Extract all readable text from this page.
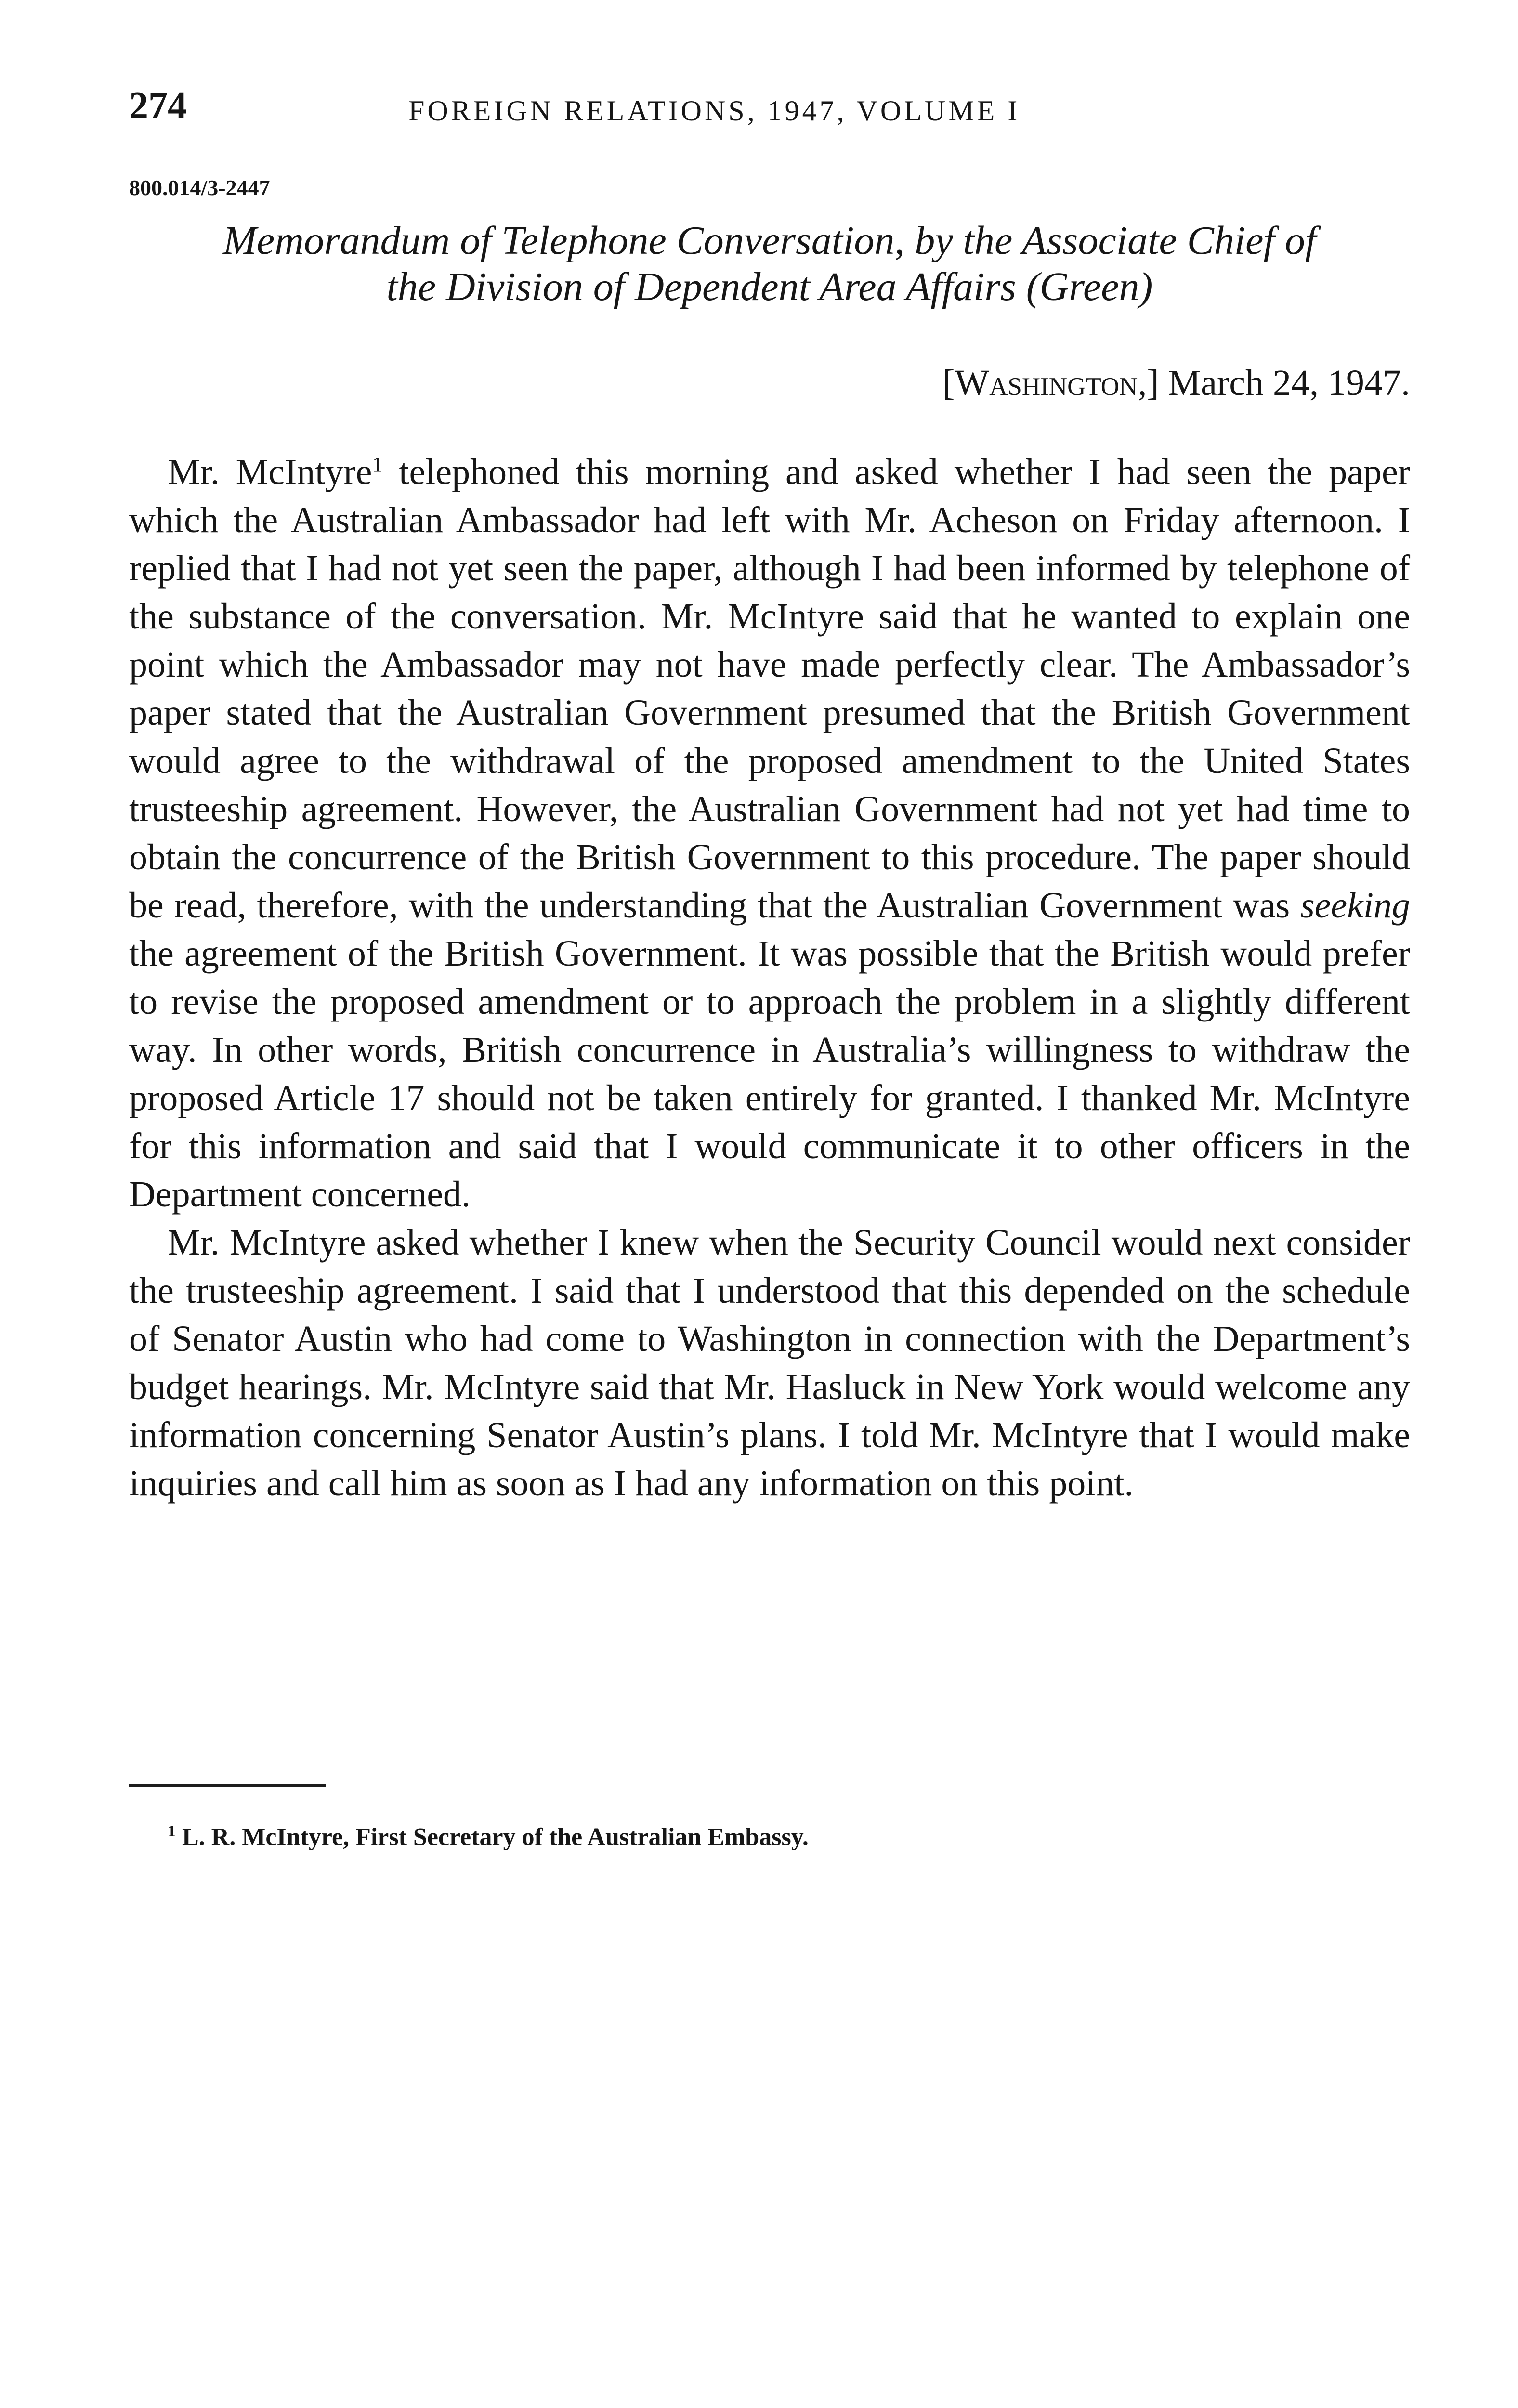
274	FOREIGN RELATIONS, 1947, VOLUME I
800.014/3-2447
Memorandum of Telephone Conversation, by the Associate Chief of
the Division of Dependent Area Affairs (Green)
[Washington,] March 24, 1947.

Mr. McIntyre$^1$ telephoned this morning and asked whether I had seen the paper which the Australian Ambassador had left with Mr. Acheson on Friday afternoon. I replied that I had not yet seen the paper, although I had been informed by telephone of the substance of the conversation. Mr. McIntyre said that he wanted to explain one point which the Ambassador may not have made perfectly clear. The Ambassador’s paper stated that the Australian Government presumed that the British Government would agree to the withdrawal of the proposed amendment to the United States trusteeship agreement. However, the Australian Government had not yet had time to obtain the concurrence of the British Government to this procedure. The paper should be read, therefore, with the understanding that the Australian Government was seeking the agreement of the British Government. It was possible that the British would prefer to revise the proposed amendment or to approach the problem in a slightly different way. In other words, British concurrence in Australia’s willingness to withdraw the proposed Article 17 should not be taken entirely for granted. I thanked Mr. McIntyre for this information and said that I would communicate it to other officers in the Department concerned.

Mr. McIntyre asked whether I knew when the Security Council would next consider the trusteeship agreement. I said that I understood that this depended on the schedule of Senator Austin who had come to Washington in connection with the Department’s budget hearings. Mr. McIntyre said that Mr. Hasluck in New York would welcome any information concerning Senator Austin’s plans. I told Mr. McIntyre that I would make inquiries and call him as soon as I had any information on this point.

$^1$ L. R. McIntyre, First Secretary of the Australian Embassy.
